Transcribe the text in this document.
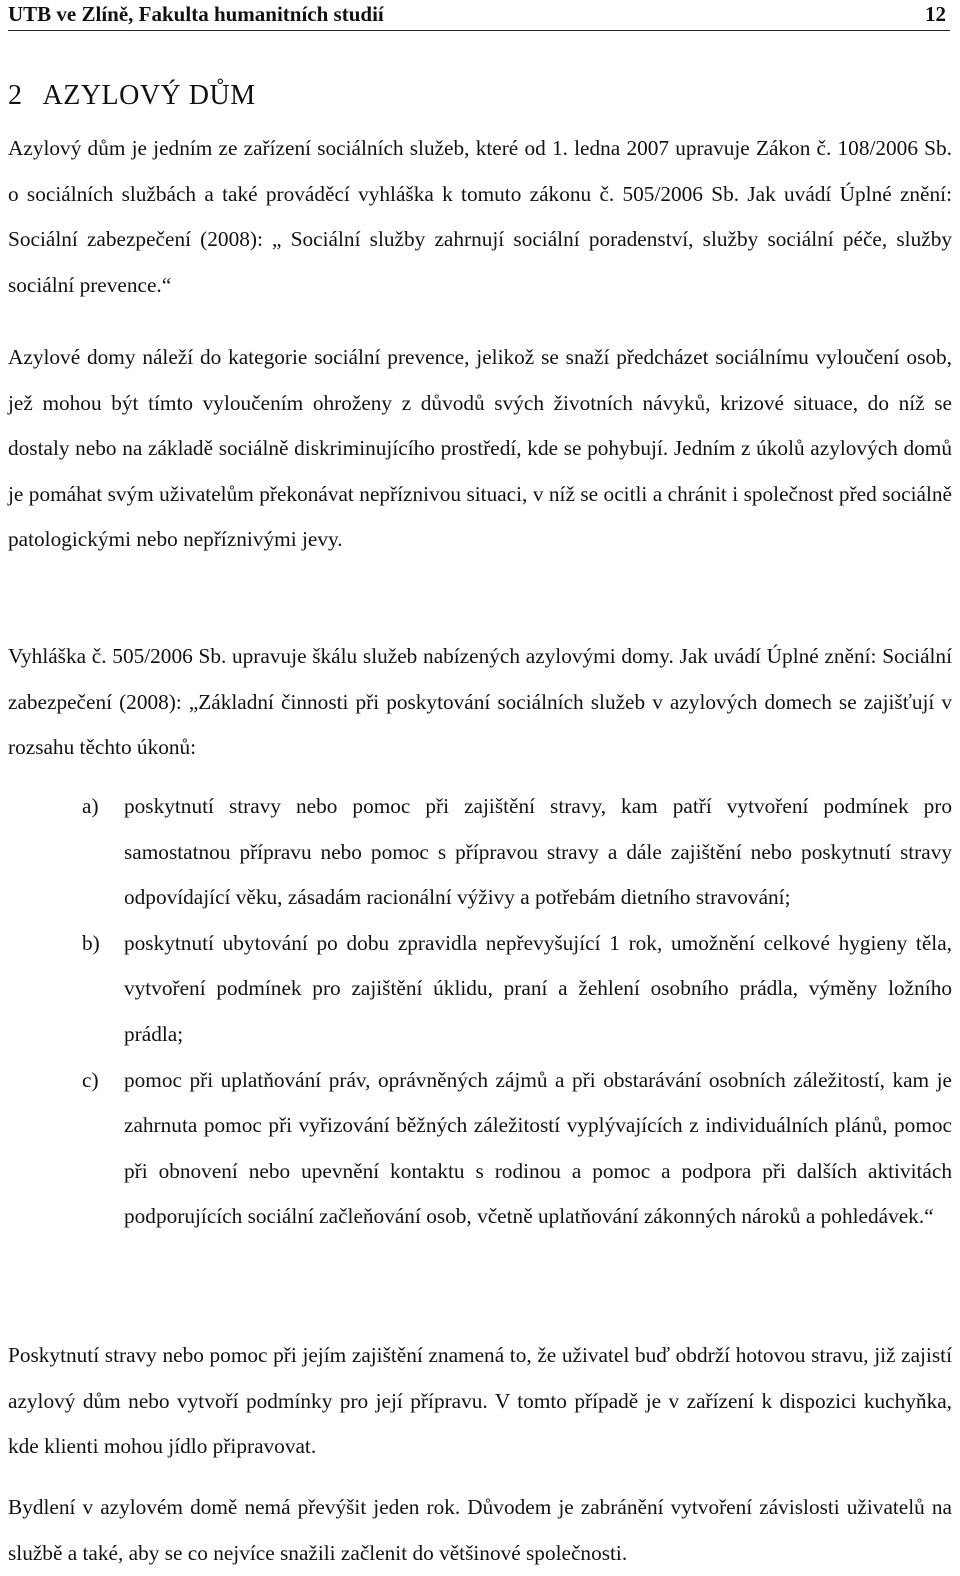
UTB ve Zlíně, Fakulta humanitních studií	12
2 AZYLOVÝ DŮM

Azylový dům je jedním ze zařízení sociálních služeb, které od 1. ledna 2007 upravuje Zákon č. 108/2006 Sb. o sociálních službách a také prováděcí vyhláška k tomuto zákonu č. 505/2006 Sb. Jak uvádí Úplné znění: Sociální zabezpečení (2008): „ Sociální služby zahrnují sociální poradenství, služby sociální péče, služby sociální prevence.“

Azylové domy náleží do kategorie sociální prevence, jelikož se snaží předcházet sociálnímu vyloučení osob, jež mohou být tímto vyloučením ohroženy z důvodů svých životních návyků, krizové situace, do níž se dostaly nebo na základě sociálně diskriminujícího prostředí, kde se pohybují. Jedním z úkolů azylových domů je pomáhat svým uživatelům překonávat nepříznivou situaci, v níž se ocitli a chránit i společnost před sociálně patologickými nebo nepříznivými jevy.

Vyhláška č. 505/2006 Sb. upravuje škálu služeb nabízených azylovými domy. Jak uvádí Úplné znění: Sociální zabezpečení (2008): „Základní činnosti při poskytování sociálních služeb v azylových domech se zajišťují v rozsahu těchto úkonů:

a) poskytnutí stravy nebo pomoc při zajištění stravy, kam patří vytvoření podmínek pro samostatnou přípravu nebo pomoc s přípravou stravy a dále zajištění nebo poskytnutí stravy odpovídající věku, zásadám racionální výživy a potřebám dietního stravování;
b) poskytnutí ubytování po dobu zpravidla nepřevyšující 1 rok, umožnění celkové hygieny těla, vytvoření podmínek pro zajištění úklidu, praní a žehlení osobního prádla, výměny ložního prádla;
c) pomoc při uplatňování práv, oprávněných zájmů a při obstarávání osobních záležitostí, kam je zahrnuta pomoc při vyřizování běžných záležitostí vyplývajících z individuálních plánů, pomoc při obnovení nebo upevnění kontaktu s rodinou a pomoc a podpora při dalších aktivitách podporujících sociální začleňování osob, včetně uplatňování zákonných nároků a pohledávek.“

Poskytnutí stravy nebo pomoc při jejím zajištění znamená to, že uživatel buď obdrží hotovou stravu, již zajistí azylový dům nebo vytvoří podmínky pro její přípravu. V tomto případě je v zařízení k dispozici kuchyňka, kde klienti mohou jídlo připravovat.

Bydlení v azylovém domě nemá převýšit jeden rok. Důvodem je zabránění vytvoření závislosti uživatelů na službě a také, aby se co nejvíce snažili začlenit do většinové společnosti.
